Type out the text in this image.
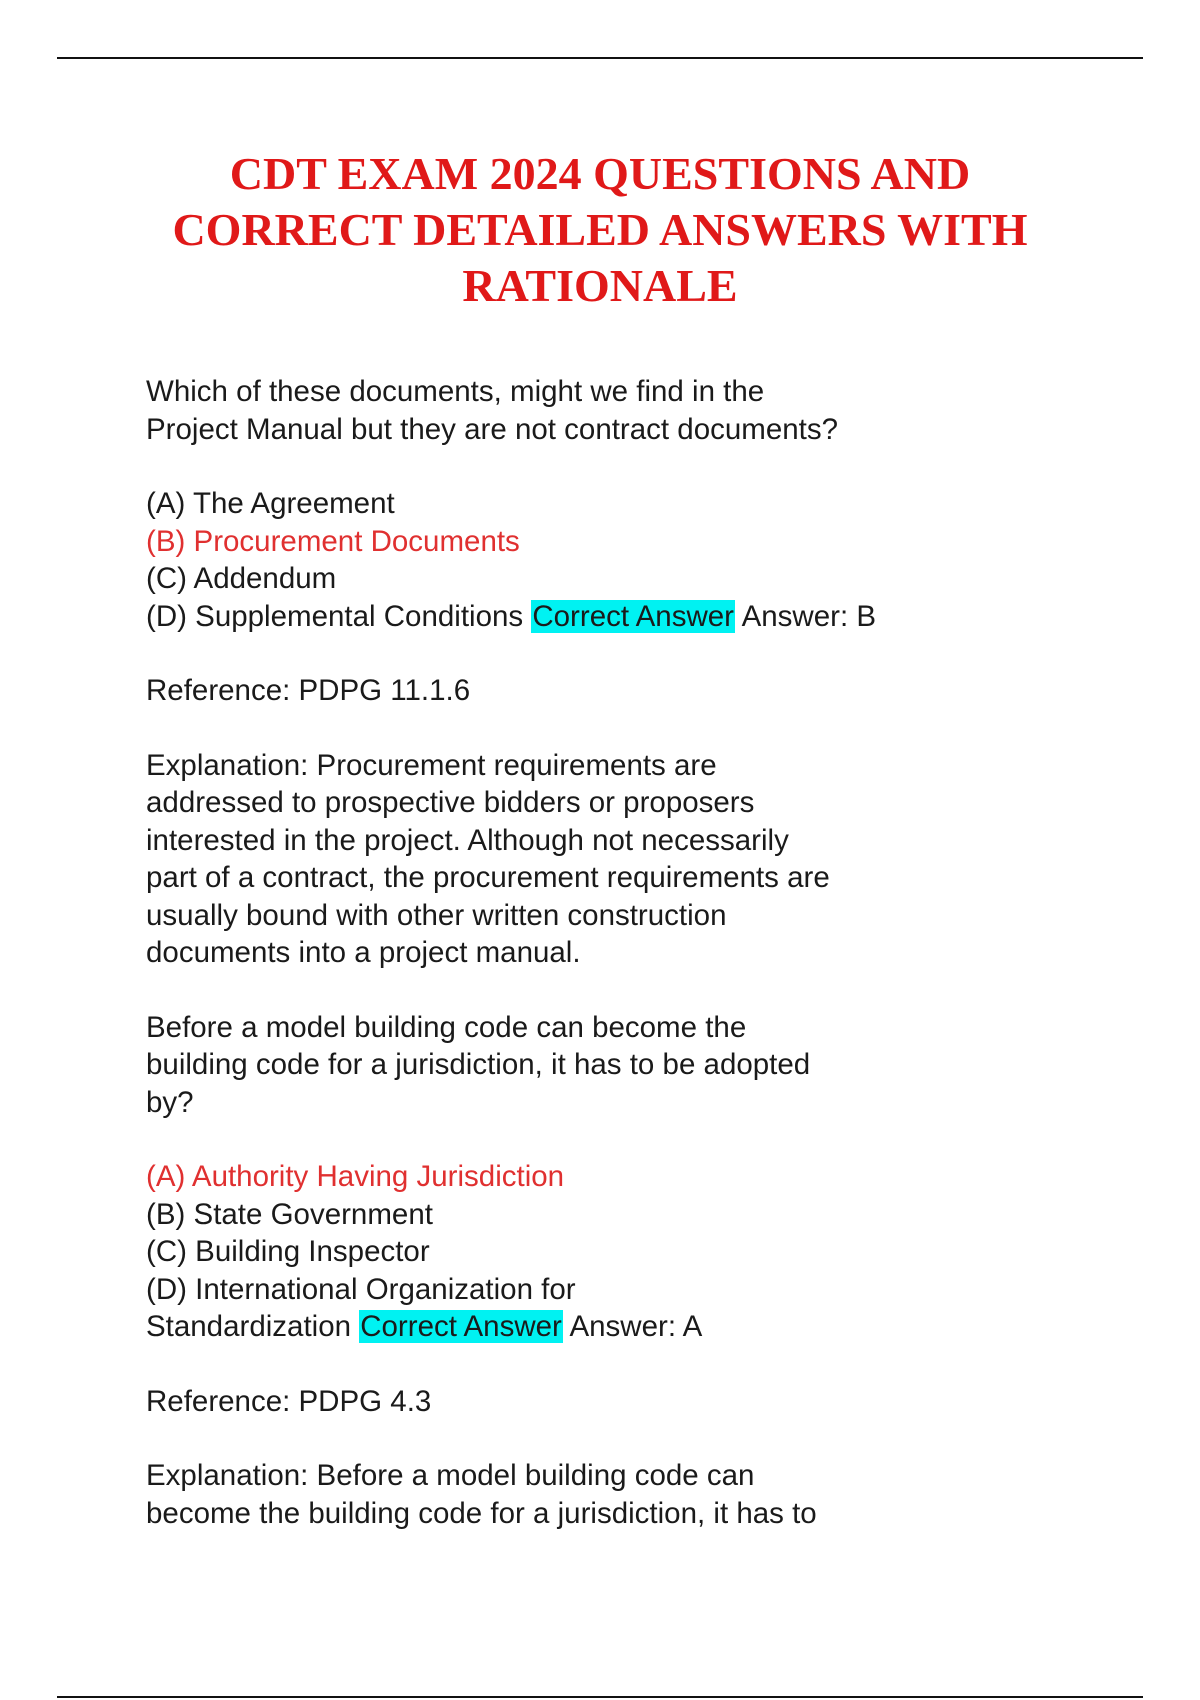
CDT EXAM 2024 QUESTIONS AND
CORRECT DETAILED ANSWERS WITH
RATIONALE

Which of these documents, might we find in the
Project Manual but they are not contract documents?

(A) The Agreement
(B) Procurement Documents
(C) Addendum
(D) Supplemental Conditions Correct Answer Answer: B

Reference: PDPG 11.1.6

Explanation: Procurement requirements are
addressed to prospective bidders or proposers
interested in the project. Although not necessarily
part of a contract, the procurement requirements are
usually bound with other written construction
documents into a project manual.

Before a model building code can become the
building code for a jurisdiction, it has to be adopted
by?

(A) Authority Having Jurisdiction
(B) State Government
(C) Building Inspector
(D) International Organization for
Standardization Correct Answer Answer: A

Reference: PDPG 4.3

Explanation: Before a model building code can
become the building code for a jurisdiction, it has to
